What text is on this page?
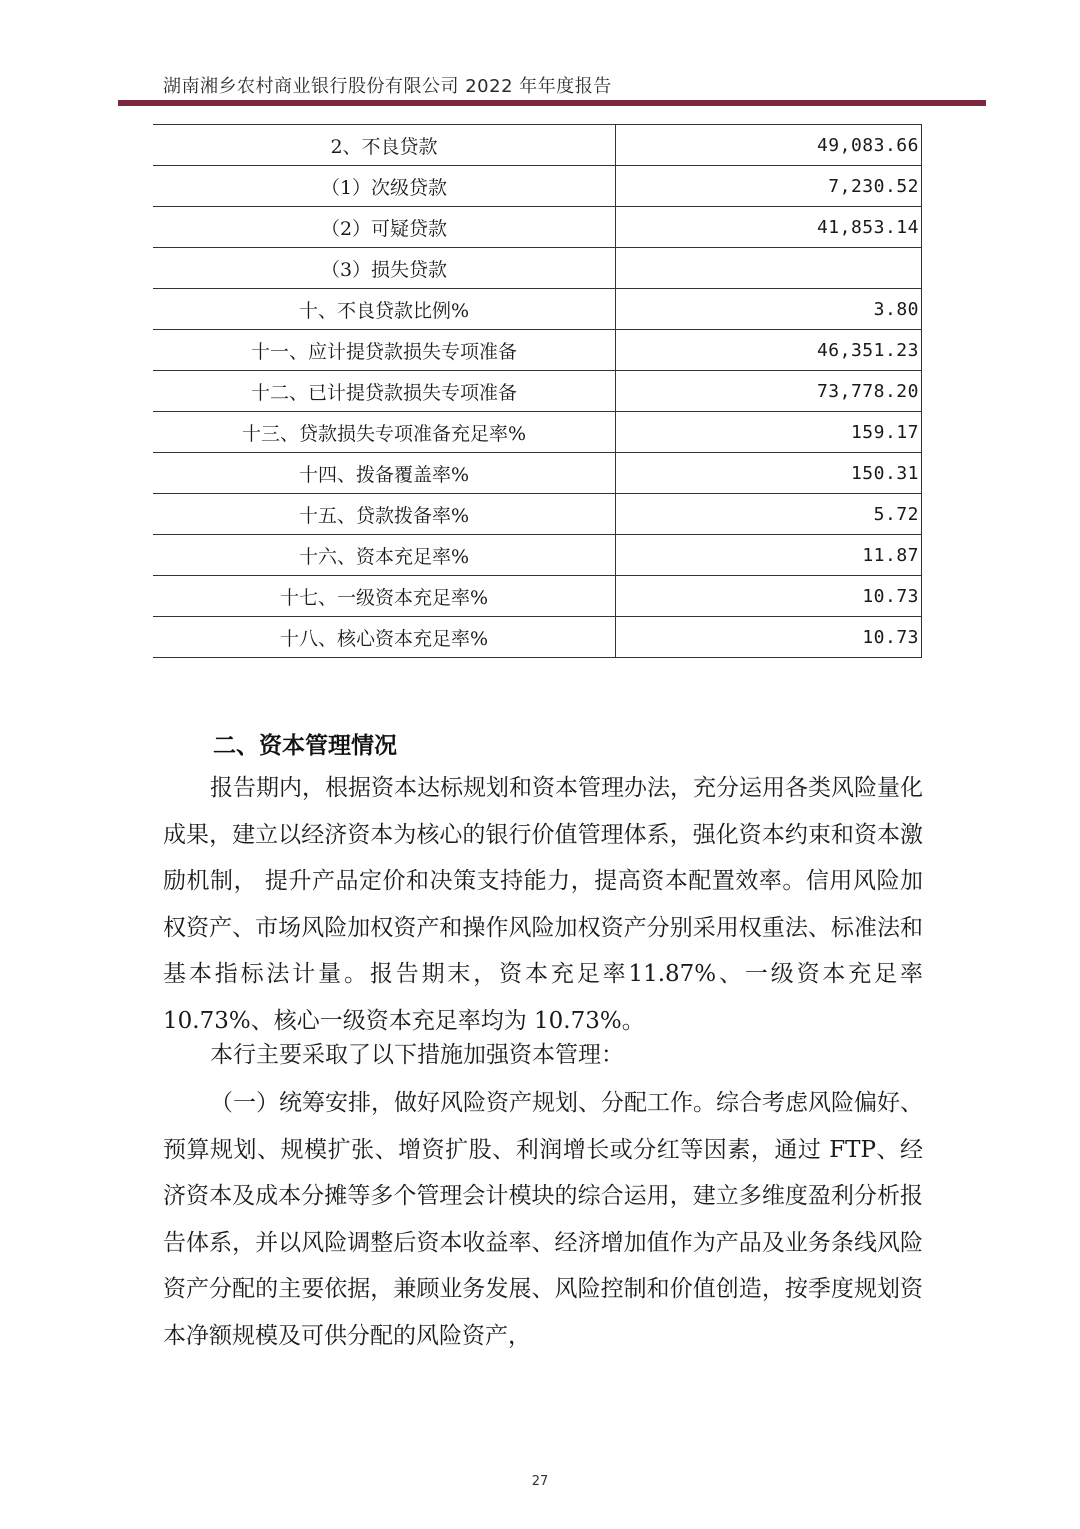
湖南湘乡农村商业银行股份有限公司 2022 年年度报告
2、不良贷款	49,083.66
（1）次级贷款	7,230.52
（2）可疑贷款	41,853.14
（3）损失贷款	
十、不良贷款比例%	3.80
十一、应计提贷款损失专项准备	46,351.23
十二、已计提贷款损失专项准备	73,778.20
十三、贷款损失专项准备充足率%	159.17
十四、拨备覆盖率%	150.31
十五、贷款拨备率%	5.72
十六、资本充足率%	11.87
十七、一级资本充足率%	10.73
十八、核心资本充足率%	10.73
二、资本管理情况

报告期内，根据资本达标规划和资本管理办法，充分运用各类风险量化成果，建立以经济资本为核心的银行价值管理体系，强化资本约束和资本激励机制， 提升产品定价和决策支持能力，提高资本配置效率。信用风险加权资产、市场风险加权资产和操作风险加权资产分别采用权重法、标准法和基本指标法计量。报告期末，资本充足率11.87%、一级资本充足率 10.73%、核心一级资本充足率均为 10.73%。

本行主要采取了以下措施加强资本管理：

（一）统筹安排，做好风险资产规划、分配工作。综合考虑风险偏好、预算规划、规模扩张、增资扩股、利润增长或分红等因素，通过 FTP、经济资本及成本分摊等多个管理会计模块的综合运用，建立多维度盈利分析报告体系，并以风险调整后资本收益率、经济增加值作为产品及业务条线风险资产分配的主要依据，兼顾业务发展、风险控制和价值创造，按季度规划资本净额规模及可供分配的风险资产，

27
